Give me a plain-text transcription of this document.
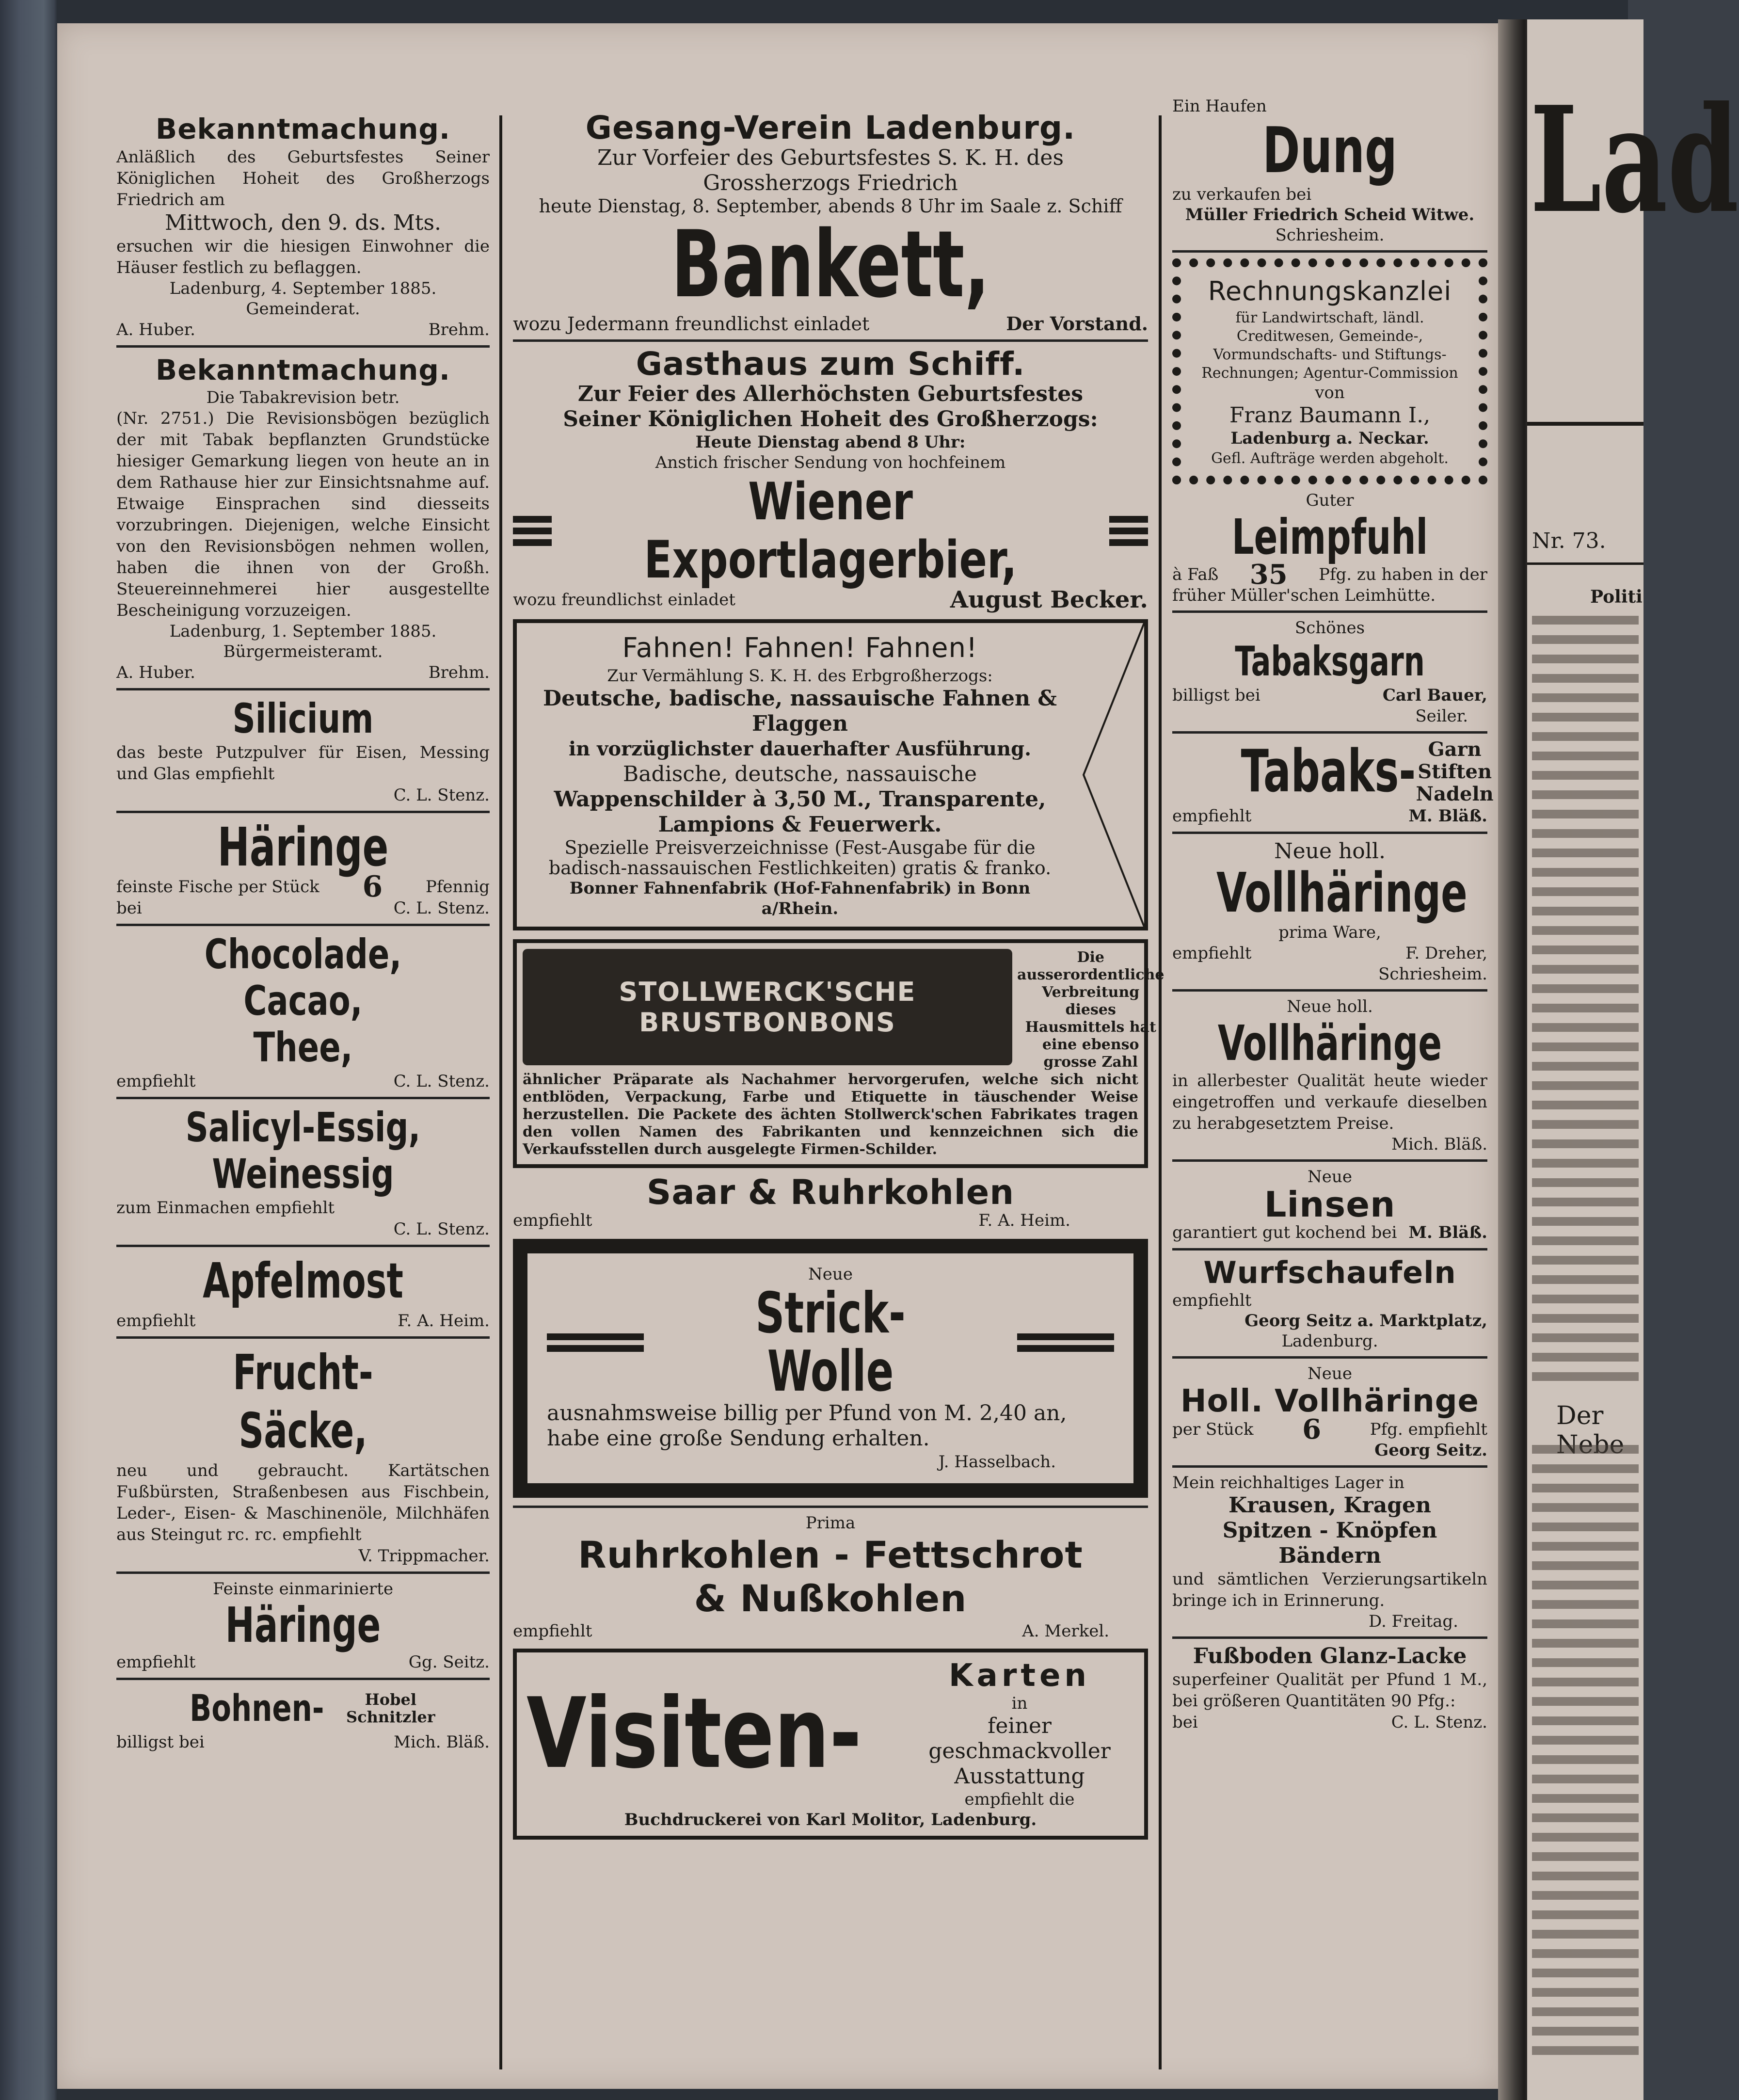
Bekanntmachung.
Anläßlich des Geburtsfestes Seiner Königlichen Hoheit des Großherzogs Friedrich am
Mittwoch, den 9. ds. Mts.
ersuchen wir die hiesigen Einwohner die Häuser festlich zu beflaggen.
Ladenburg, 4. September 1885.
Gemeinderat.
A. Huber.	Brehm.
Bekanntmachung.
Die Tabakrevision betr.
(Nr. 2751.) Die Revisionsbögen bezüglich der mit Tabak bepflanzten Grundstücke hiesiger Gemarkung liegen von heute an in dem Rathause hier zur Einsichtsnahme auf. Etwaige Einsprachen sind diesseits vorzubringen. Diejenigen, welche Einsicht von den Revisionsbögen nehmen wollen, haben die ihnen von der Großh. Steuereinnehmerei hier ausgestellte Bescheinigung vorzuzeigen.
Ladenburg, 1. September 1885.
Bürgermeisteramt.
A. Huber.	Brehm.
Silicium
das beste Putzpulver für Eisen, Messing und Glas empfiehlt
C. L. Stenz.
Häringe
feinste Fische per Stück 6	Pfennig
bei	C. L. Stenz.
Chocolade,
Cacao,
Thee,
empfiehlt	C. L. Stenz.
Salicyl-Essig,
Weinessig
zum Einmachen empfiehlt
C. L. Stenz.
Apfelmost
empfiehlt	F. A. Heim.
Frucht-Säcke,
neu und gebraucht. Kartätschen Fußbürsten, Straßenbesen aus Fischbein, Leder-, Eisen- & Maschinenöle, Milchhäfen aus Steingut rc. rc. empfiehlt
V. Trippmacher.
Feinste einmarinierte
Häringe
empfiehlt	Gg. Seitz.
Bohnen-	Hobel
Schnitzler
billigst bei	Mich. Bläß.
Gesang-Verein Ladenburg.
Zur Vorfeier des Geburtsfestes S. K. H. des
Grossherzogs Friedrich
heute Dienstag, 8. September, abends 8 Uhr im Saale z. Schiff
Bankett,
wozu Jedermann freundlichst einladet	Der Vorstand.
Gasthaus zum Schiff.
Zur Feier des Allerhöchsten Geburtsfestes
Seiner Königlichen Hoheit des Großherzogs:
Heute Dienstag abend 8 Uhr:
Anstich frischer Sendung von hochfeinem
Wiener Exportlagerbier,
wozu freundlichst einladet	August Becker.
Fahnen! Fahnen! Fahnen!
Zur Vermählung S. K. H. des Erbgroßherzogs:
Deutsche, badische, nassauische Fahnen & Flaggen
in vorzüglichster dauerhafter Ausführung.
Badische, deutsche, nassauische
Wappenschilder à 3,50 M., Transparente,
Lampions & Feuerwerk.
Spezielle Preisverzeichnisse (Fest-Ausgabe für die
badisch-nassauischen Festlichkeiten) gratis & franko.
Bonner Fahnenfabrik (Hof-Fahnenfabrik) in Bonn a/Rhein.
STOLLWERCK'SCHE
BRUSTBONBONS
Die ausserordentliche Verbreitung dieses Hausmittels hat eine ebenso grosse Zahl
ähnlicher Präparate als Nachahmer hervorgerufen, welche sich nicht entblöden, Verpackung, Farbe und Etiquette in täuschender Weise herzustellen. Die Packete des ächten Stollwerck'schen Fabrikates tragen den vollen Namen des Fabrikanten und kennzeichnen sich die Verkaufsstellen durch ausgelegte Firmen-Schilder.
Saar & Ruhrkohlen
empfiehlt	F. A. Heim.
Neue
Strick-Wolle
ausnahmsweise billig per Pfund von M. 2,40 an,
habe eine große Sendung erhalten.
J. Hasselbach.
Prima
Ruhrkohlen - Fettschrot
& Nußkohlen
empfiehlt	A. Merkel.
Visiten-
Karten
in
feiner geschmackvoller
Ausstattung
empfiehlt die
Buchdruckerei von Karl Molitor, Ladenburg.
Ein Haufen
Dung
zu verkaufen bei
Müller Friedrich Scheid Witwe.
Schriesheim.
Rechnungskanzlei
für Landwirtschaft, ländl. Creditwesen, Gemeinde-, Vormundschafts- und Stiftungs-Rechnungen; Agentur-Commission
von
Franz Baumann I.,
Ladenburg a. Neckar.
Gefl. Aufträge werden abgeholt.
Guter
Leimpfuhl
à Faß 35 Pfg. zu haben in der
früher Müller'schen Leimhütte.
Schönes
Tabaksgarn
billigst bei	Carl Bauer,
Seiler.
Tabaks- Garn
Stiften
Nadeln
empfiehlt	M. Bläß.
Neue holl.
Vollhäringe
prima Ware,
empfiehlt	F. Dreher,
Schriesheim.
Neue holl.
Vollhäringe
in allerbester Qualität heute wieder eingetroffen und verkaufe dieselben zu herabgesetztem Preise.
Mich. Bläß.
Neue
Linsen
garantiert gut kochend bei M. Bläß.
Wurfschaufeln
empfiehlt
Georg Seitz a. Marktplatz,
Ladenburg.
Neue
Holl. Vollhäringe
per Stück 6	Pfg. empfiehlt
Georg Seitz.
Mein reichhaltiges Lager in
Krausen, Kragen
Spitzen - Knöpfen
Bändern
und sämtlichen Verzierungsartikeln bringe ich in Erinnerung.
D. Freitag.
Fußboden Glanz-Lacke
superfeiner Qualität per Pfund 1 M., bei größeren Quantitäten 90 Pfg.:
bei	C. L. Stenz.
Lad
Nr. 73.
Politi
Der
